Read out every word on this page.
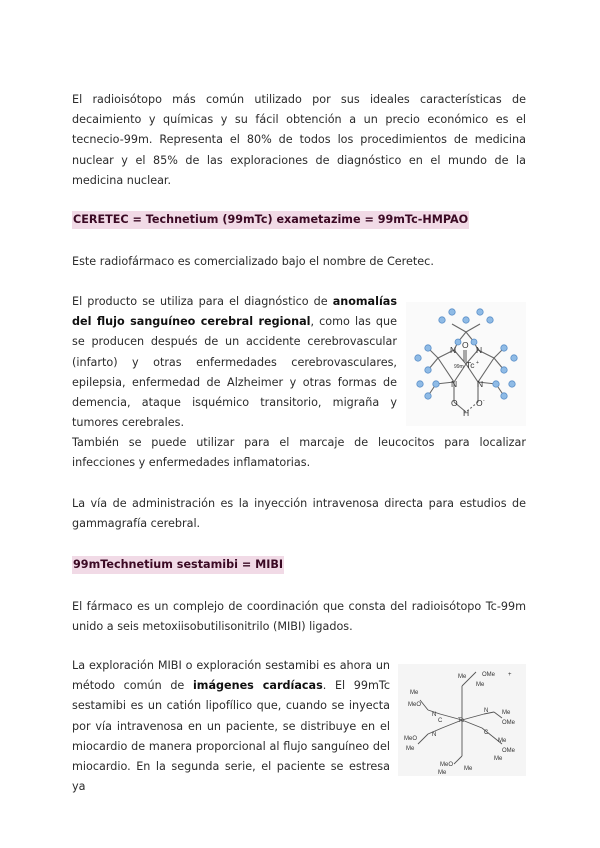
El radioisótopo más común utilizado por sus ideales características de decaimiento y químicas y su fácil obtención a un precio económico es el tecnecio-99m. Representa el 80% de todos los procedimientos de medicina nuclear y el 85% de las exploraciones de diagnóstico en el mundo de la medicina nuclear.

CERETEC = Technetium (99mTc) exametazime = 99mTc-HMPAO

Este radiofármaco es comercializado bajo el nombre de Ceretec.

El producto se utiliza para el diagnóstico de anomalías del flujo sanguíneo cerebral regional, como las que se producen después de un accidente cerebrovascular (infarto) y otras enfermedades cerebrovasculares, epilepsia, enfermedad de Alzheimer y otras formas de demencia, ataque isquémico transitorio, migraña y tumores cerebrales.

N N
O
Tc
N N
O
H
O
99m
+
-

También se puede utilizar para el marcaje de leucocitos para localizar infecciones y enfermedades inflamatorias.

La vía de administración es la inyección intravenosa directa para estudios de gammagrafía cerebral.

99mTechnetium sestamibi = MIBI

El fármaco es un complejo de coordinación que consta del radioisótopo Tc-99m unido a seis metoxiisobutilisonitrilo (MIBI) ligados.

La exploración MIBI o exploración sestamibi es ahora un método común de imágenes cardíacas. El 99mTc sestamibi es un catión lipofílico que, cuando se inyecta por vía intravenosa en un paciente, se distribuye en el miocardio de manera proporcional al flujo sanguíneo del miocardio. En la segunda serie, el paciente se estresa ya

Tc
OMe +
Me
Me
Me
MeO
N
C
N Me
OMe
MeO
Me
N	C
Me
OMe
Me
MeO
Me
Me
